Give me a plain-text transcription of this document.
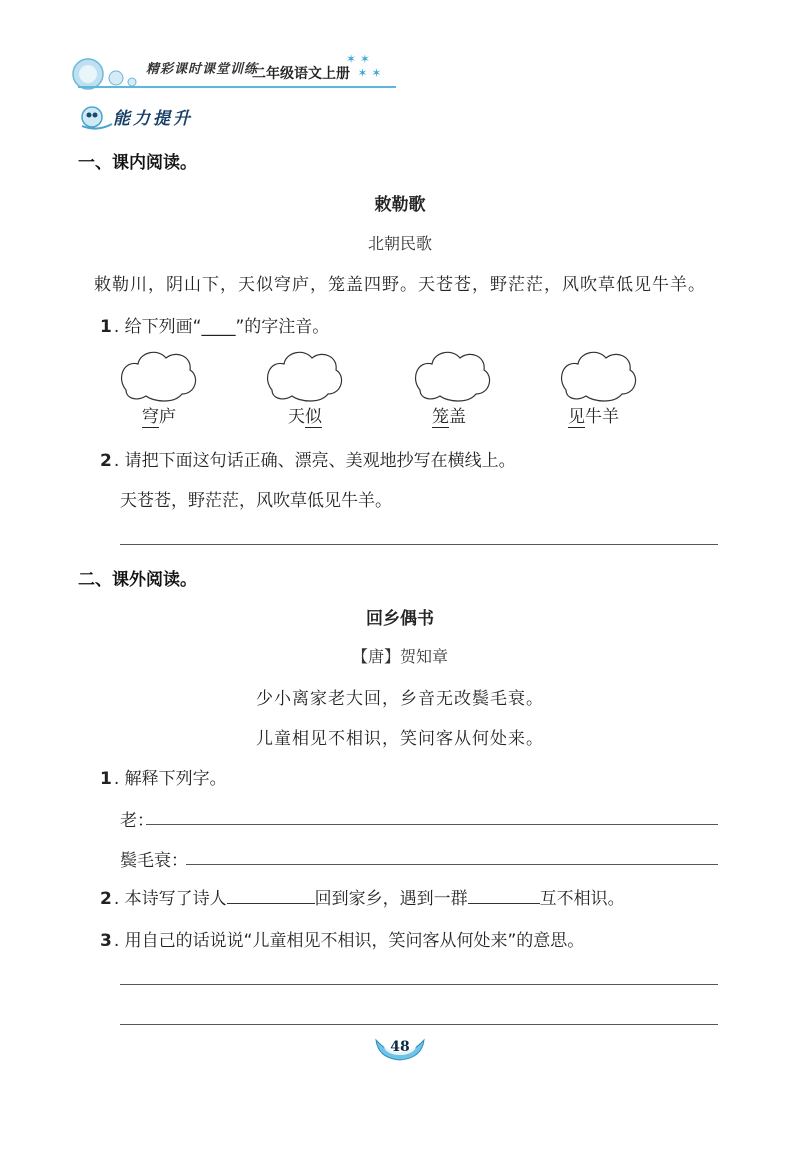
精彩课时课堂训练
二年级语文上册
✶ ✶
✶ ✶
能力提升
一、课内阅读。
敕勒歌
北朝民歌
敕勒川，阴山下，天似穹庐，笼盖四野。天苍苍，野茫茫，风吹草低见牛羊。
1 . 给下列画“____”的字注音。
穹庐	天似	笼盖	见牛羊
2 . 请把下面这句话正确、漂亮、美观地抄写在横线上。
天苍苍，野茫茫，风吹草低见牛羊。
二、课外阅读。
回乡偶书
【唐】贺知章
少小离家老大回，乡音无改鬓毛衰。
儿童相见不相识，笑问客从何处来。
1 . 解释下列字。
老：
鬓毛衰：
2 . 本诗写了诗人	回到家乡，遇到一群	互不相识。
3 . 用自己的话说说“儿童相见不相识，笑问客从何处来”的意思。
48
